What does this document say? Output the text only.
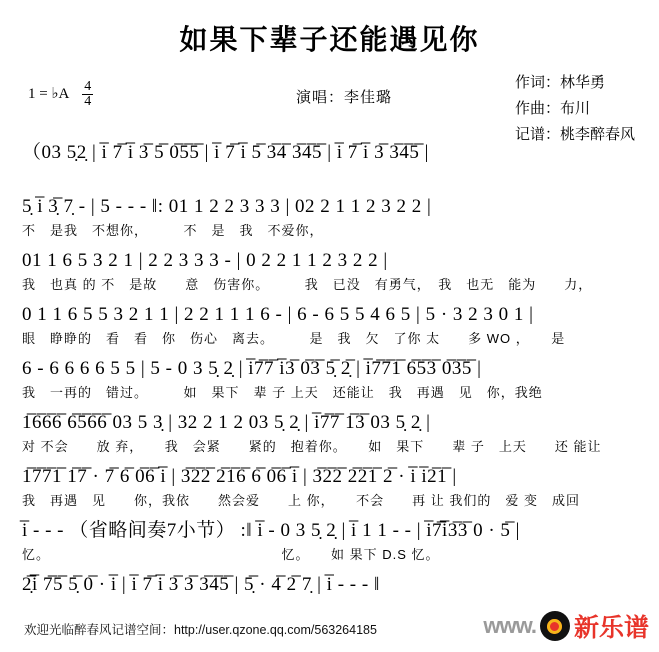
如果下辈子还能遇见你
1 = ♭A $\frac{4}{4}$	演唱：李佳璐
作词：林华勇
作曲：布川
记谱：桃李醉春风
（03 5̣2̣ | i̅ 7̅ i̅ 3̅ 5̅ 0̅5̅5̅ | i̅ 7̅ i̅ 5̅ 3̅4̅ 3̅4̅5̅ | i̅ 7̅ i̅ 3̅ 3̅4̅5̅ |
5̣ i̅ 3̣̅ 7̣ - | 5 - - - ‖: 01 1 2 2 3 3 3 | 02 2 1 1 2 3 2 2 |
不　是我　不想你，　　　不　是　我　不爱你，
01 1 6 5 3 2 1 | 2 2 3 3 3 - | 0 2 2 1 1 2 3 2 2 |
我　也真 的 不　是故　　意　伤害你。　　　我　已没　有勇气，　我　也无　能为　　力，
0 1 1 6 5 5 3 2 1 1 | 2 2 1 1 1 6 - | 6 - 6 5 5 4 6 5 | 5 · 3 2 3 0 1 |
眼　睁睁的　看　看　你　伤心　离去。　　　是　我　欠　了你 太　　多 WO ，　　是
6 - 6 6 6 6 5 5 | 5 - 0 3 5̣ 2̣ | i̅7̅7̅ i̅3̅ 0̅3̅ 5̣̅ 2̣̅ | i̅7̅7̅1̅ 6̅5̅3̅ 0̅3̅5̅ |
我　一再的　错过。　　　如　果下　辈 子 上天　还能让　我　再遇　见　你，我绝
1̅6̅6̅6̅ 6̅5̅6̅6̅ 03 5 3̣ | 32 2 1 2 03 5̣ 2̣ | i̅7̅7̅ 1̅3̅ 03 5̣ 2̣ |
对 不会　　放 弃，　　我　会紧　　紧的　抱着你。　　如　果下　　辈 子　上天　　还 能让
1̅7̅7̅1̅ 1̅7̅ · 7̅ 6̅ 0̅6̅ i̅ | 3̅2̅2̅ 2̅1̅6̅ 6̅ 0̅6̅ i̅ | 3̅2̅2̅ 2̅2̅1̅ 2̅ · i̅ i̅2̅1̅ |
我　再遇　见　　你，我依　　然会爱　　上 你，　　不会　　再 让 我们的　爱 变　成回
i̅ - - - （省略间奏7小节） :‖ i̅ - 0 3 5̣ 2̣ | i̅ 1 1 - - | i̅7̅i̅3̅3̅ 0 · 5̅ |
忆。　　　　　　　　　　　　　　　　　忆。　　如 果下 D.S 忆。
2̣̅i̅ 7̅5̅ 5̣̅ 0̅ · i̅ | i̅ 7̅ i̅ 3̅ 3̅ 3̅4̅5̅ | 5̣̅ · 4̅ 2̅ 7̣ | i̅ - - - ‖
欢迎光临醉春风记谱空间：http://user.qzone.qq.com/563264185	www. 新乐谱
